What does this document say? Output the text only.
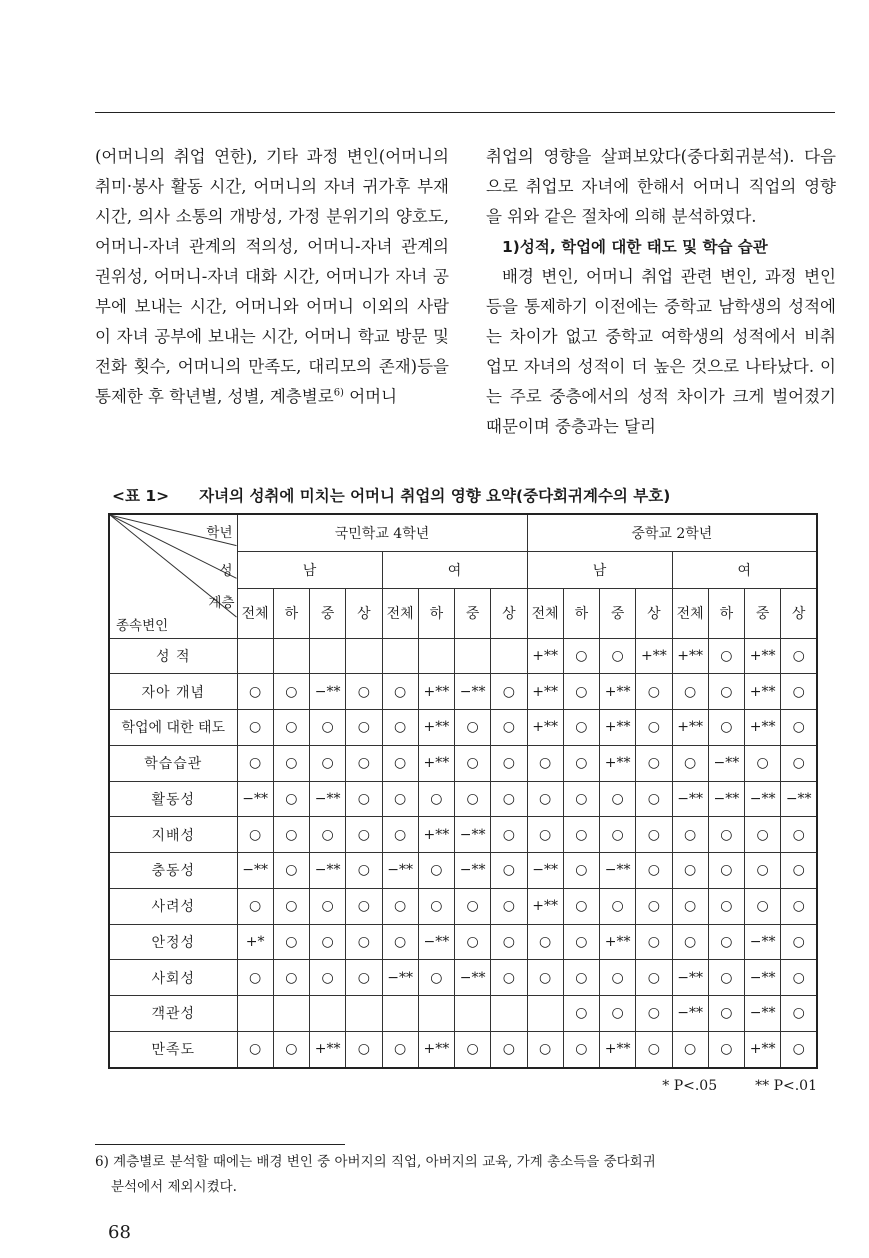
(어머니의 취업 연한), 기타 과정 변인(어머니의 취미·봉사 활동 시간, 어머니의 자녀 귀가후 부재 시간, 의사 소통의 개방성, 가정 분위기의 양호도, 어머니-자녀 관계의 적의성, 어머니-자녀 관계의 권위성, 어머니-자녀 대화 시간, 어머니가 자녀 공부에 보내는 시간, 어머니와 어머니 이외의 사람이 자녀 공부에 보내는 시간, 어머니 학교 방문 및 전화 횟수, 어머니의 만족도, 대리모의 존재)등을 통제한 후 학년별, 성별, 계층별로$^{6)}$ 어머니

취업의 영향을 살펴보았다(중다회귀분석). 다음으로 취업모 자녀에 한해서 어머니 직업의 영향을 위와 같은 절차에 의해 분석하였다.

1)성적, 학업에 대한 태도 및 학습 습관

배경 변인, 어머니 취업 관련 변인, 과정 변인 등을 통제하기 이전에는 중학교 남학생의 성적에는 차이가 없고 중학교 여학생의 성적에서 비취업모 자녀의 성적이 더 높은 것으로 나타났다. 이는 주로 중층에서의 성적 차이가 크게 벌어졌기 때문이며 중층과는 달리

<표 1> 자녀의 성취에 미치는 어머니 취업의 영향 요약(중다회귀계수의 부호)
학년
성
계층
종속변인	국민학교 4학년								중학교 2학년							
	남				여				남				여			
	전체	하	중	상	전체	하	중	상	전체	하	중	상	전체	하	중	상
성 적									+**	○	○	+**	+**	○	+**	○
자아 개념	○	○	−**	○	○	+**	−**	○	+**	○	+**	○	○	○	+**	○
학업에 대한 태도	○	○	○	○	○	+**	○	○	+**	○	+**	○	+**	○	+**	○
학습습관	○	○	○	○	○	+**	○	○	○	○	+**	○	○	−**	○	○
활동성	−**	○	−**	○	○	○	○	○	○	○	○	○	−**	−**	−**	−**
지배성	○	○	○	○	○	+**	−**	○	○	○	○	○	○	○	○	○
충동성	−**	○	−**	○	−**	○	−**	○	−**	○	−**	○	○	○	○	○
사려성	○	○	○	○	○	○	○	○	+**	○	○	○	○	○	○	○
안정성	+*	○	○	○	○	−**	○	○	○	○	+**	○	○	○	−**	○
사회성	○	○	○	○	−**	○	−**	○	○	○	○	○	−**	○	−**	○
객관성										○	○	○	−**	○	−**	○
만족도	○	○	+**	○	○	+**	○	○	○	○	+**	○	○	○	+**	○
* P<.05	** P<.01
6) 계층별로 분석할 때에는 배경 변인 중 아버지의 직업, 아버지의 교육, 가계 총소득을 중다회귀
분석에서 제외시켰다.
68
